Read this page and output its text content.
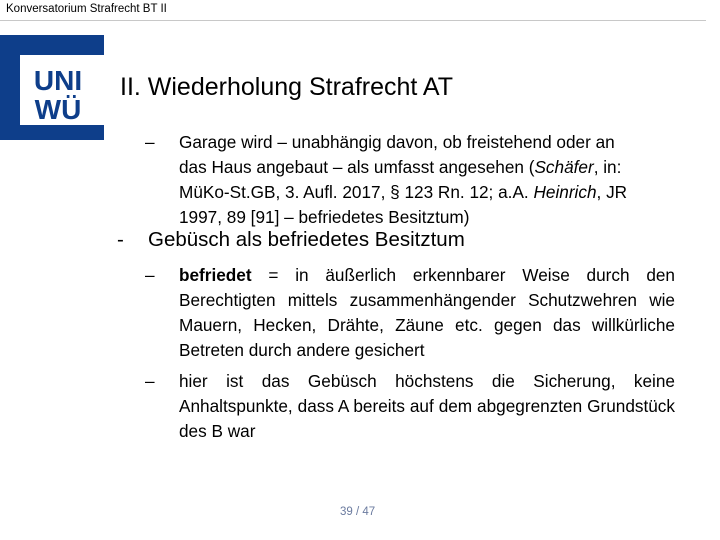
Konversatorium Strafrecht BT II
UNI
WÜ
II. Wiederholung Strafrecht AT
– Garage wird – unabhängig davon, ob freistehend oder an
das Haus angebaut – als umfasst angesehen (Schäfer, in:
MüKo-St.GB, 3. Aufl. 2017, § 123 Rn. 12; a.A. Heinrich, JR
1997, 89 [91] – befriedetes Besitztum)
- Gebüsch als befriedetes Besitztum
– befriedet = in äußerlich erkennbarer Weise durch den Berechtigten mittels zusammenhängender Schutzwehren wie Mauern, Hecken, Drähte, Zäune etc. gegen das willkürliche Betreten durch andere gesichert
– hier ist das Gebüsch höchstens die Sicherung, keine Anhaltspunkte, dass A bereits auf dem abgegrenzten Grundstück des B war
39 / 47
